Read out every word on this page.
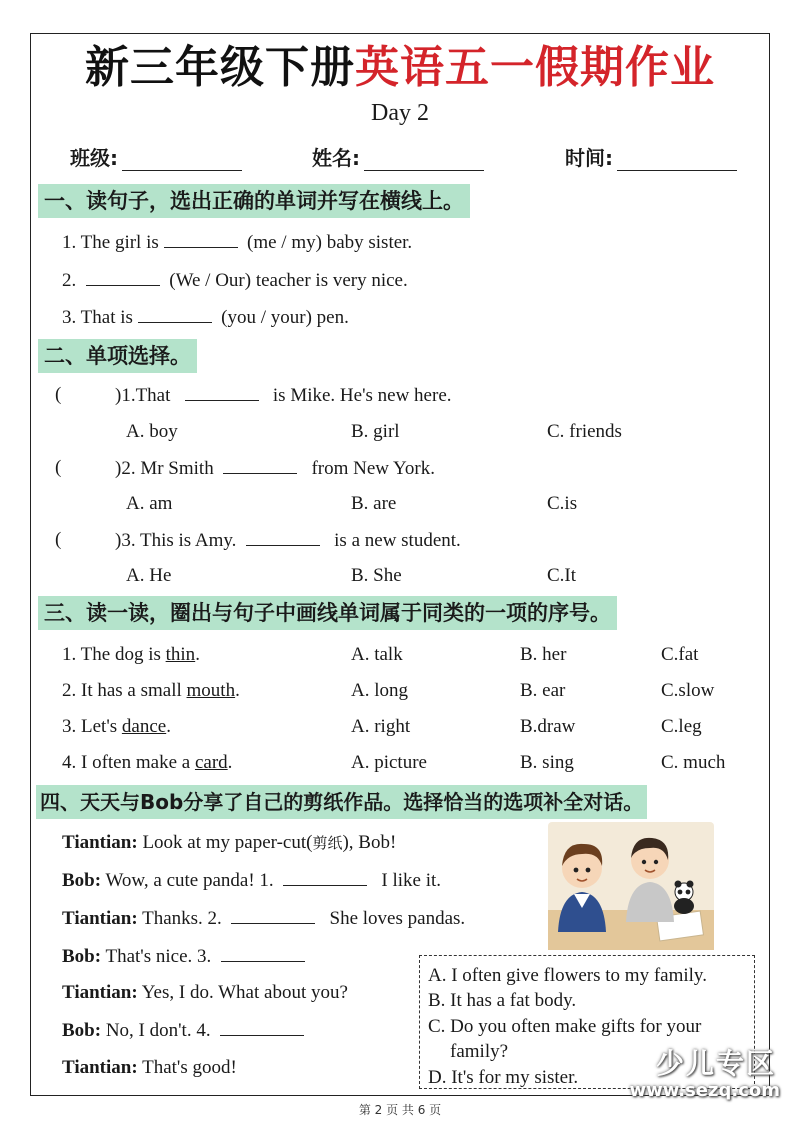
新三年级下册英语五一假期作业
Day 2
班级:	姓名:	时间:
一、读句子，选出正确的单词并写在横线上。
1. The girl is	(me / my) baby sister.
2.	(We / Our) teacher is very nice.
3. That is	(you / your) pen.
二、单项选择。
(	)1.That	is Mike. He's new here.
A. boy	B. girl	C. friends
(	)2. Mr Smith	from New York.
A. am	B. are	C.is
(	)3. This is Amy.	is a new student.
A. He	B. She	C.It
三、读一读，圈出与句子中画线单词属于同类的一项的序号。
1. The dog is thin.	A. talk	B. her	C.fat
2. It has a small mouth.	A. long	B. ear	C.slow
3. Let's dance.	A. right	B.draw	C.leg
4. I often make a card.	A. picture	B. sing	C. much
四、天天与Bob分享了自己的剪纸作品。选择恰当的选项补全对话。
Tiantian: Look at my paper-cut(剪纸), Bob!
Bob: Wow, a cute panda! 1.	I like it.
Tiantian: Thanks. 2.	She loves pandas.
Bob: That's nice. 3.
Tiantian: Yes, I do. What about you?
Bob: No, I don't. 4.
Tiantian: That's good!
A. I often give flowers to my family.
B. It has a fat body.
C. Do you often make gifts for your
family?
D. It's for my sister.	少儿专区
www.sezq.com
第 2 页 共 6 页
